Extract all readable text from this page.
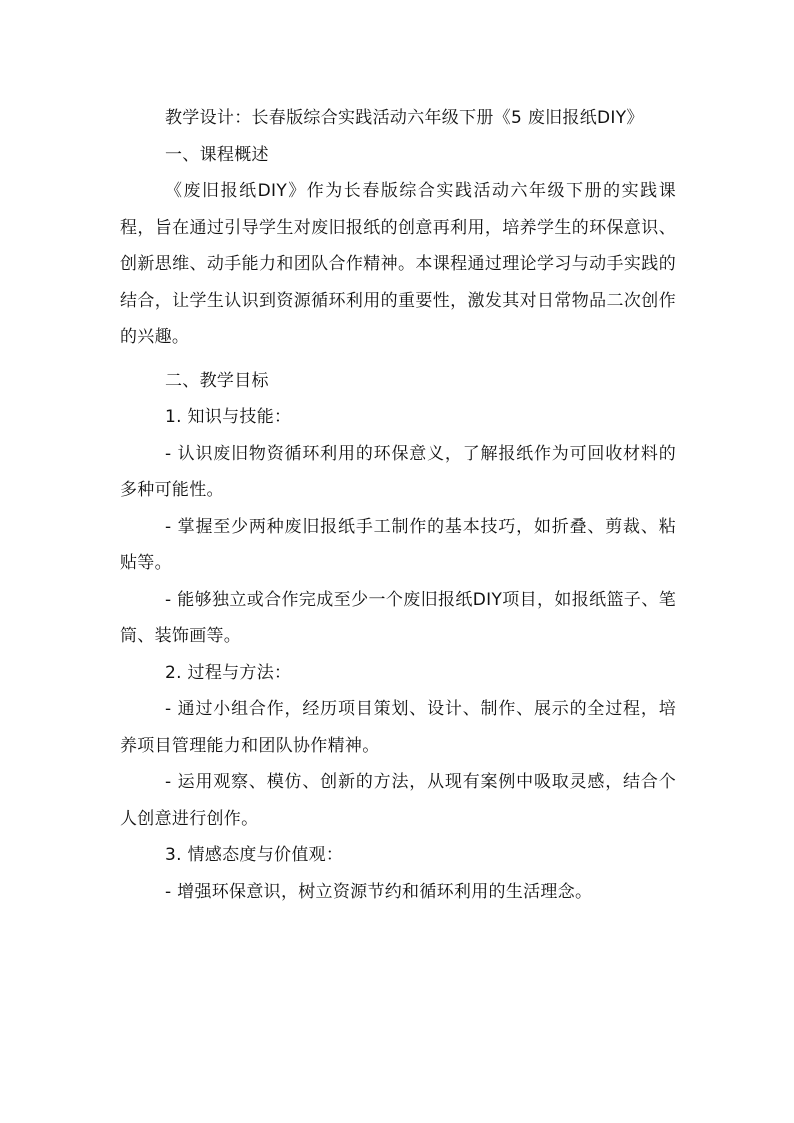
教学设计：长春版综合实践活动六年级下册《5 废旧报纸DIY》

一、课程概述

《废旧报纸DIY》作为长春版综合实践活动六年级下册的实践课程，旨在通过引导学生对废旧报纸的创意再利用，培养学生的环保意识、创新思维、动手能力和团队合作精神。本课程通过理论学习与动手实践的结合，让学生认识到资源循环利用的重要性，激发其对日常物品二次创作的兴趣。

二、教学目标

1. 知识与技能：

- 认识废旧物资循环利用的环保意义，了解报纸作为可回收材料的多种可能性。

- 掌握至少两种废旧报纸手工制作的基本技巧，如折叠、剪裁、粘贴等。

- 能够独立或合作完成至少一个废旧报纸DIY项目，如报纸篮子、笔筒、装饰画等。

2. 过程与方法：

- 通过小组合作，经历项目策划、设计、制作、展示的全过程，培养项目管理能力和团队协作精神。

- 运用观察、模仿、创新的方法，从现有案例中吸取灵感，结合个人创意进行创作。

3. 情感态度与价值观：

- 增强环保意识，树立资源节约和循环利用的生活理念。
